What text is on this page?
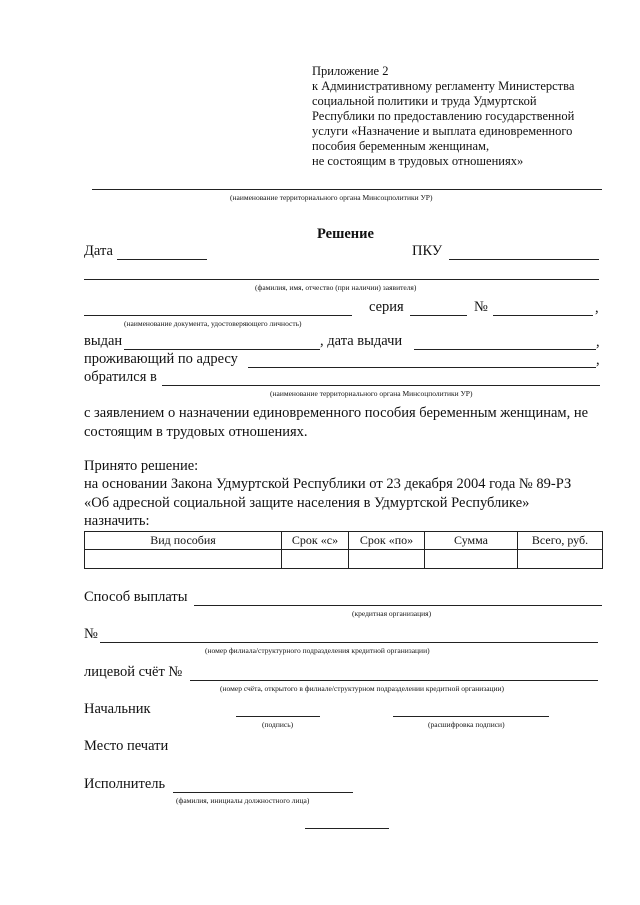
Приложение 2
к Административному регламенту Министерства
социальной политики и труда Удмуртской
Республики по предоставлению государственной
услуги «Назначение и выплата единовременного
пособия беременным женщинам,
не состоящим в трудовых отношениях»
(наименование территориального органа Минсоцполитики УР)
Решение
Дата	ПКУ
(фамилия, имя, отчество (при наличии) заявителя)
серия	№	,
(наименование документа, удостоверяющего личность)
выдан	, дата выдачи	,
проживающий по адресу	,
обратился в
(наименование территориального органа Минсоцполитики УР)
с заявлением о назначении единовременного пособия беременным женщинам, не
состоящим в трудовых отношениях.
Принято решение:
на основании Закона Удмуртской Республики от 23 декабря 2004 года № 89-РЗ
«Об адресной социальной защите населения в Удмуртской Республике»
назначить:
Вид пособия	Срок «с»	Срок «по»	Сумма	Всего, руб.

Способ выплаты
(кредитная организация)
№
(номер филиала/структурного подразделения кредитной организации)
лицевой счёт №
(номер счёта, открытого в филиале/структурном подразделении кредитной организации)
Начальник
(подпись)	(расшифровка подписи)
Место печати
Исполнитель
(фамилия, инициалы должностного лица)
